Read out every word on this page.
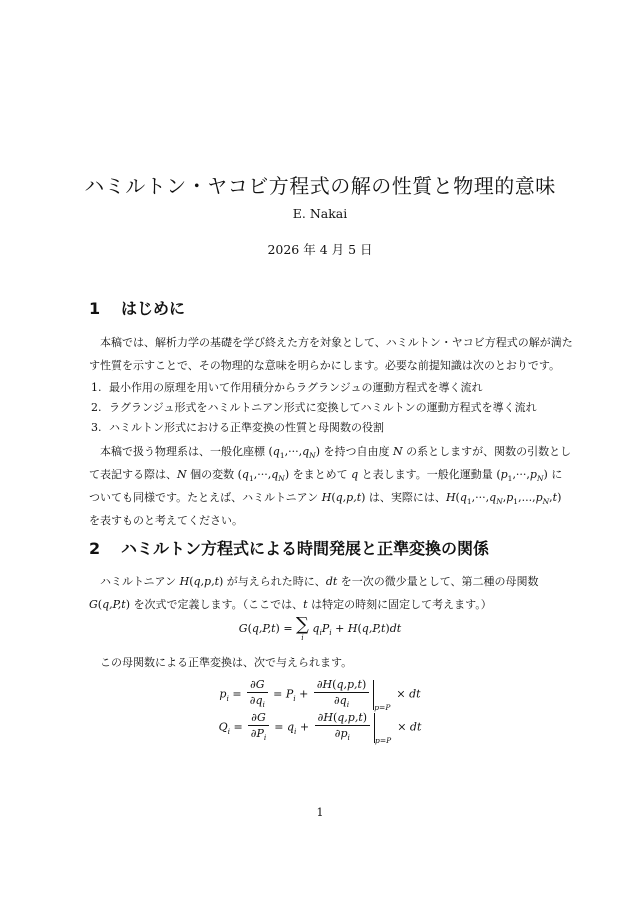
ハミルトン・ヤコビ方程式の解の性質と物理的意味
E. Nakai
2026 年 4 月 5 日
1 はじめに
本稿では、解析力学の基礎を学び終えた方を対象として、ハミルトン・ヤコビ方程式の解が満た
す性質を示すことで、その物理的な意味を明らかにします。必要な前提知識は次のとおりです。
1. 最小作用の原理を用いて作用積分からラグランジュの運動方程式を導く流れ
2. ラグランジュ形式をハミルトニアン形式に変換してハミルトンの運動方程式を導く流れ
3. ハミルトン形式における正準変換の性質と母関数の役割
本稿で扱う物理系は、一般化座標 $(q_1,\cdot\cdot\cdot,q_N)$ を持つ自由度 N の系としますが、関数の引数とし
て表記する際は、N 個の変数 $(q_1,\cdot\cdot\cdot,q_N)$ をまとめて q と表します。一般化運動量 $(p_1,\cdot\cdot\cdot,p_N)$ に
ついても同様です。たとえば、ハミルトニアン H(q,p,t) は、実際には、$H(q_1,\cdot\cdot\cdot,q_N,p_1,...,p_N,t)$
を表すものと考えてください。
2 ハミルトン方程式による時間発展と正準変換の関係
ハミルトニアン H(q,p,t) が与えられた時に、dt を一次の微少量として、第二種の母関数
G(q,P,t) を次式で定義します。（ここでは、t は特定の時刻に固定して考えます。）
G(q,P,t) = ∑
i
$q_iP_i + H(q,P,t)dt$
この母関数による正準変換は、次で与えられます。
$p_i = \frac{\partial G}{\partial q_i} = P_i + \frac{\partial H(q,p,t)}{\partial q_i} _{p=P}\times$ dt
$Q_i = \frac{\partial G}{\partial P_i} = q_i + \frac{\partial H(q,p,t)}{\partial p_i} _{p=P}\times$ dt
1
